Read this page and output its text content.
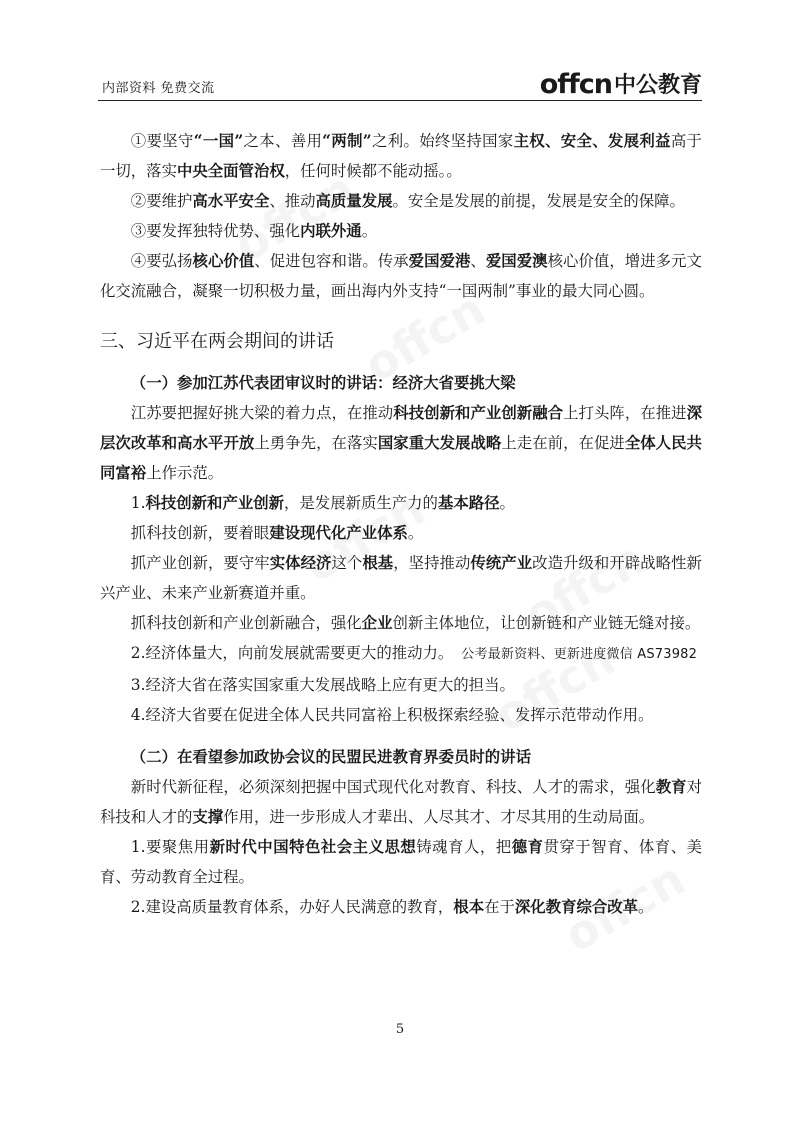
内部资料 免费交流	offcn 中公教育

①要坚守“一国”之本、善用“两制”之利。始终坚持国家主权、安全、发展利益高于一切，落实中央全面管治权，任何时候都不能动摇。。

②要维护高水平安全、推动高质量发展。安全是发展的前提，发展是安全的保障。

③要发挥独特优势、强化内联外通。

④要弘扬核心价值、促进包容和谐。传承爱国爱港、爱国爱澳核心价值，增进多元文化交流融合，凝聚一切积极力量，画出海内外支持“一国两制”事业的最大同心圆。

三、习近平在两会期间的讲话

（一）参加江苏代表团审议时的讲话：经济大省要挑大梁

江苏要把握好挑大梁的着力点，在推动科技创新和产业创新融合上打头阵，在推进深层次改革和高水平开放上勇争先，在落实国家重大发展战略上走在前，在促进全体人民共同富裕上作示范。

1.科技创新和产业创新，是发展新质生产力的基本路径。

抓科技创新，要着眼建设现代化产业体系。

抓产业创新，要守牢实体经济这个根基，坚持推动传统产业改造升级和开辟战略性新兴产业、未来产业新赛道并重。

抓科技创新和产业创新融合，强化企业创新主体地位，让创新链和产业链无缝对接。

2.经济体量大，向前发展就需要更大的推动力。 公考最新资料、更新进度微信 AS73982

3.经济大省在落实国家重大发展战略上应有更大的担当。

4.经济大省要在促进全体人民共同富裕上积极探索经验、发挥示范带动作用。

（二）在看望参加政协会议的民盟民进教育界委员时的讲话

新时代新征程，必须深刻把握中国式现代化对教育、科技、人才的需求，强化教育对科技和人才的支撑作用，进一步形成人才辈出、人尽其才、才尽其用的生动局面。

1.要聚焦用新时代中国特色社会主义思想铸魂育人，把德育贯穿于智育、体育、美育、劳动教育全过程。

2.建设高质量教育体系，办好人民满意的教育，根本在于深化教育综合改革。

5
